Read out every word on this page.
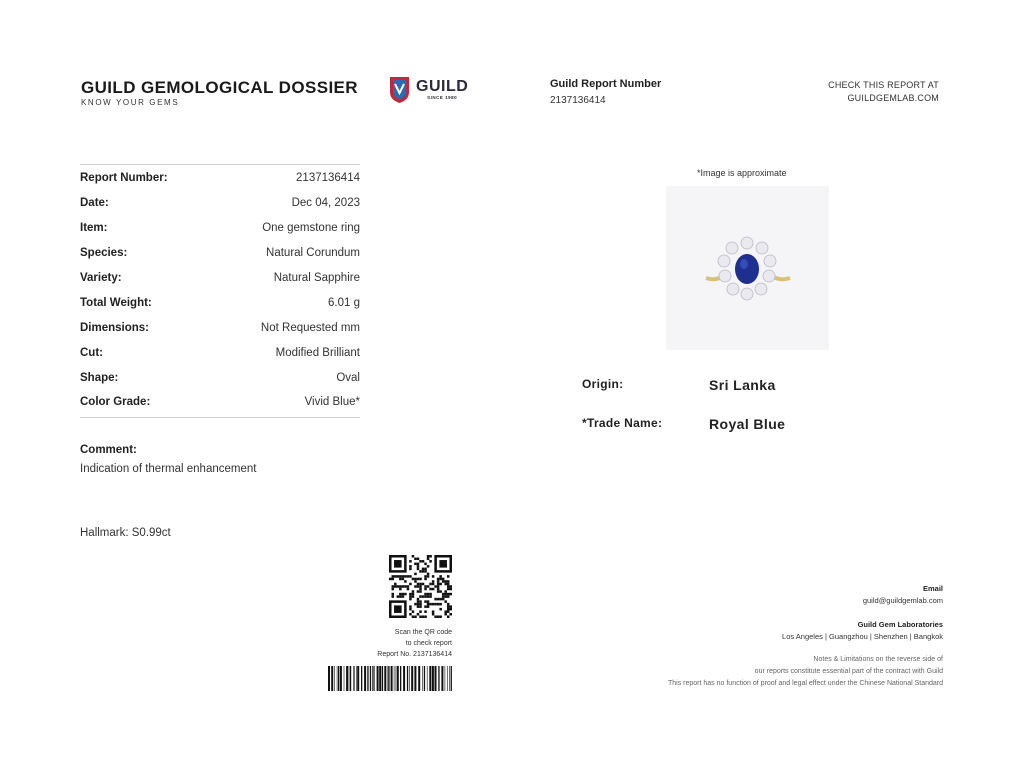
GUILD GEMOLOGICAL DOSSIER
KNOW YOUR GEMS
GUILD
SINCE 1980
Guild Report Number
2137136414
CHECK THIS REPORT AT
GUILDGEMLAB.COM
Report Number:	2137136414
Date:	Dec 04, 2023
Item:	One gemstone ring
Species:	Natural Corundum
Variety:	Natural Sapphire
Total Weight:	6.01 g
Dimensions:	Not Requested mm
Cut:	Modified Brilliant
Shape:	Oval
Color Grade:	Vivid Blue*
Comment:
Indication of thermal enhancement
Hallmark: S0.99ct
*Image is approximate
Origin:	Sri Lanka
*Trade Name:	Royal Blue
Scan the QR code
to check report
Report No. 2137136414
Email
guild@guildgemlab.com
Guild Gem Laboratories
Los Angeles | Guangzhou | Shenzhen | Bangkok
Notes & Limitations on the reverse side of
our reports constitute essential part of the contract with Guild
This report has no function of proof and legal effect under the Chinese National Standard
